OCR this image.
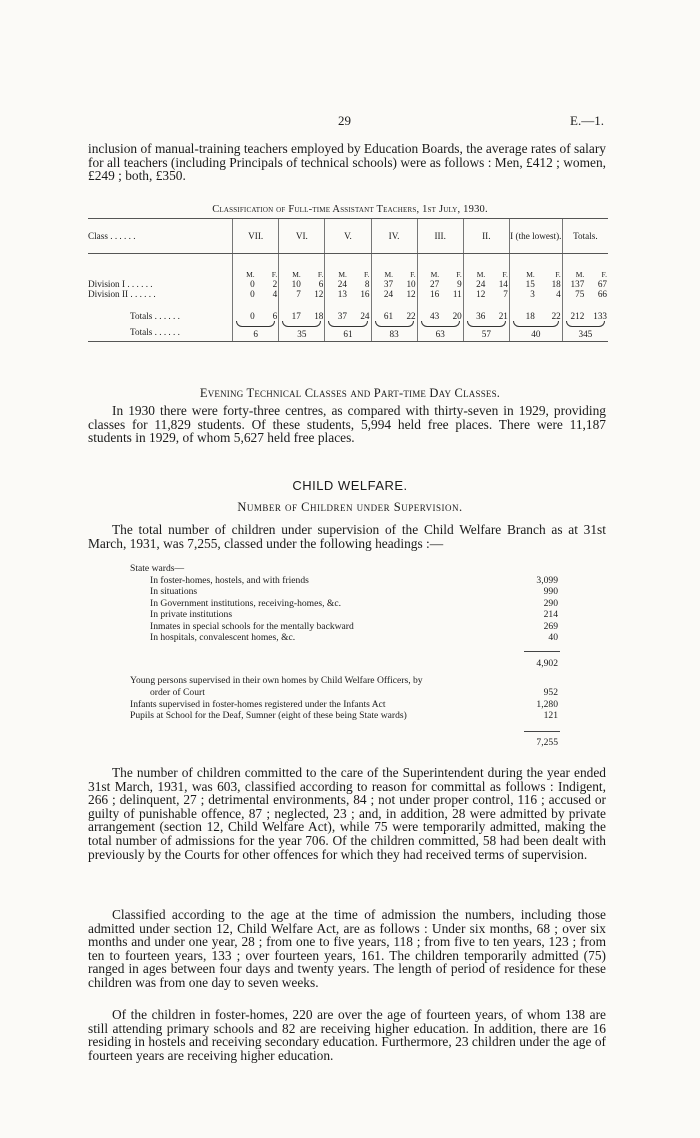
29	E.—1.

inclusion of manual-training teachers employed by Education Boards, the average rates of salary for all teachers (including Principals of technical schools) were as follows : Men, £412 ; women, £249 ; both, £350.

Classification of Full-time Assistant Teachers, 1st July, 1930.
Class . . . . . .	VII.		VI.		V.		IV.		III.		II.		I (the lowest).		Totals.	
	M.	F.	M.	F.	M.	F.	M.	F.	M.	F.	M.	F.	M.	F.	M.	F.
Division I . . . . . .	0	2	10	6	24	8	37	10	27	9	24	14	15	18	137	67
Division II . . . . . .	0	4	7	12	13	16	24	12	16	11	12	7	3	4	75	66
Totals . . . . . .	0	6	17	18	37	24	61	22	43	20	36	21	18	22	212	133

Totals . . . . . .	6		35		61		83		63		57		40		345	
Evening Technical Classes and Part-time Day Classes.

In 1930 there were forty-three centres, as compared with thirty-seven in 1929, providing classes for 11,829 students. Of these students, 5,994 held free places. There were 11,187 students in 1929, of whom 5,627 held free places.

CHILD WELFARE.
Number of Children under Supervision.

The total number of children under supervision of the Child Welfare Branch as at 31st March, 1931, was 7,255, classed under the following headings :—

State wards—
In foster-homes, hostels, and with friends	3,099
In situations	990
In Government institutions, receiving-homes, &c.	290
In private institutions	214
Inmates in special schools for the mentally backward	269
In hospitals, convalescent homes, &c.	40
4,902
Young persons supervised in their own homes by Child Welfare Officers, by
order of Court	952
Infants supervised in foster-homes registered under the Infants Act	1,280
Pupils at School for the Deaf, Sumner (eight of these being State wards)	121
7,255

The number of children committed to the care of the Superintendent during the year ended 31st March, 1931, was 603, classified according to reason for committal as follows : Indigent, 266 ; delinquent, 27 ; detrimental environments, 84 ; not under proper control, 116 ; accused or guilty of punishable offence, 87 ; neglected, 23 ; and, in addition, 28 were admitted by private arrangement (section 12, Child Welfare Act), while 75 were temporarily admitted, making the total number of admissions for the year 706. Of the children committed, 58 had been dealt with previously by the Courts for other offences for which they had received terms of supervision.

Classified according to the age at the time of admission the numbers, including those admitted under section 12, Child Welfare Act, are as follows : Under six months, 68 ; over six months and under one year, 28 ; from one to five years, 118 ; from five to ten years, 123 ; from ten to fourteen years, 133 ; over fourteen years, 161. The children temporarily admitted (75) ranged in ages between four days and twenty years. The length of period of residence for these children was from one day to seven weeks.

Of the children in foster-homes, 220 are over the age of fourteen years, of whom 138 are still attending primary schools and 82 are receiving higher education. In addition, there are 16 residing in hostels and receiving secondary education. Furthermore, 23 children under the age of fourteen years are receiving higher education.
